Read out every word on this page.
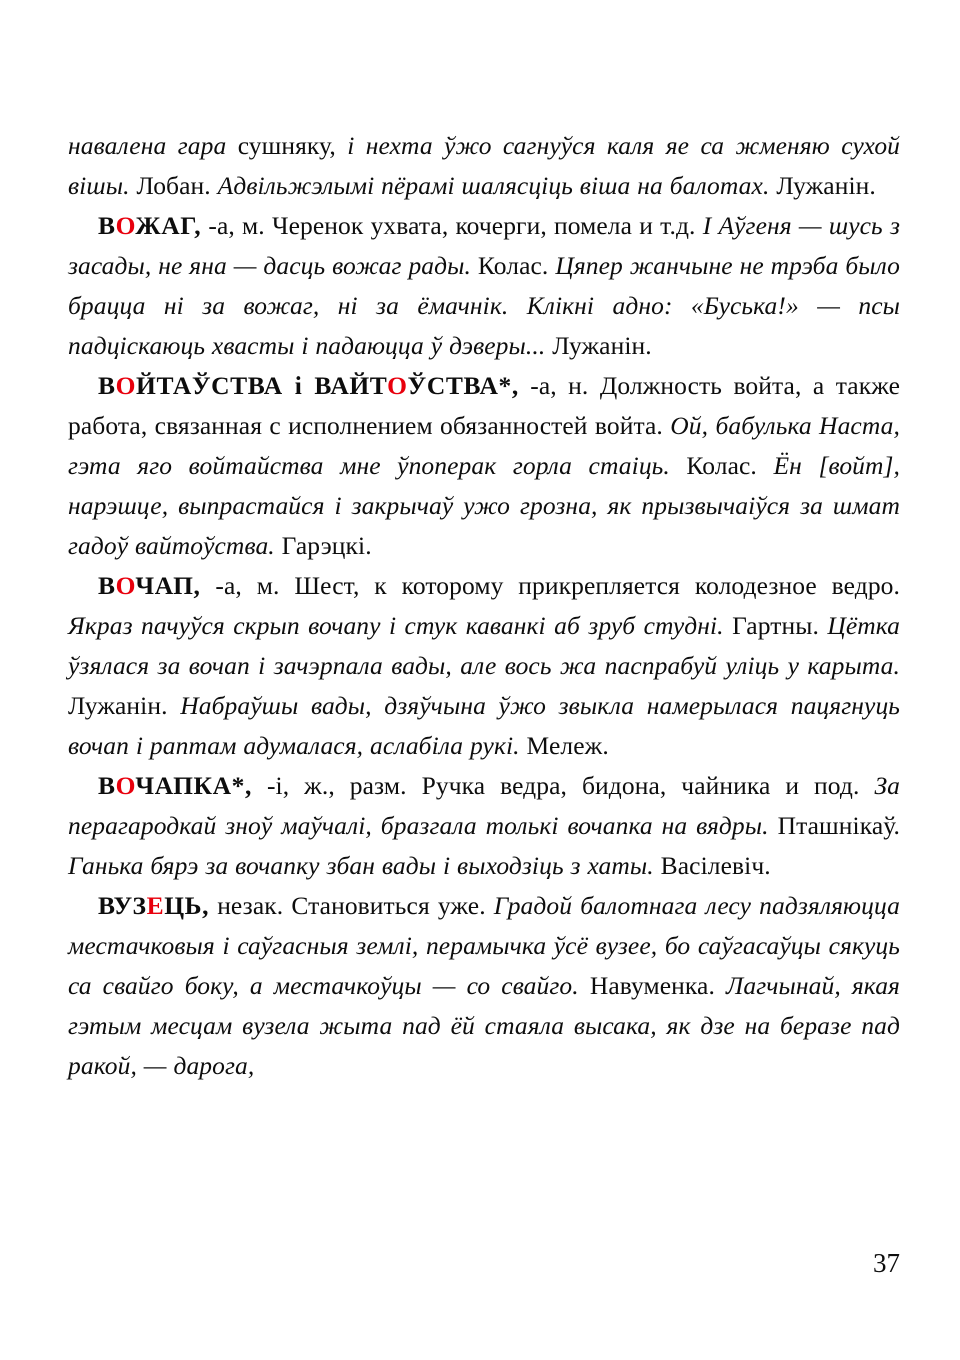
навалена гара сушняку, і нехта ўжо сагнуўся каля яе са жменяю сухой вішы. Лобан. Адвільжэлымі пёрамі шалясціць віша на балотах. Лужанін.

ВОЖАГ, -а, м. Черенок ухвата, кочерги, помела и т.д. І Аўгеня — шусь з засады, не яна — дасць вожаг рады. Колас. Цяпер жанчыне не трэба было брацца ні за вожаг, ні за ёмачнік. Клікні адно: «Буська!» — псы падціскаюць хвасты і падаюцца ў дэверы... Лужанін.

ВОЙТАЎСТВА і ВАЙТОЎСТВА*, -а, н. Должность войта, а также работа, связанная с исполнением обязанностей войта. Ой, бабулька Наста, гэта яго войтайства мне ўпоперак горла стаіць. Колас. Ён [войт], нарэшце, выпрастайся і закрычаў ужо грозна, як прызвычаіўся за шмат гадоў вайтоўства. Гарэцкі.

ВОЧАП, -а, м. Шест, к которому прикрепляется колодезное ведро. Якраз пачуўся скрып вочапу і стук каванкі аб зруб студні. Гартны. Цётка ўзялася за вочап і зачэрпала вады, але вось жа паспрабуй уліць у карыта. Лужанін. Набраўшы вады, дзяўчына ўжо звыкла намерылася пацягнуць вочап і раптам адумалася, аслабіла рукі. Мележ.

ВОЧАПКА*, -і, ж., разм. Ручка ведра, бидона, чайника и под. За перагародкай зноў маўчалі, бразгала толькі вочапка на вядры. Пташнікаў. Ганька бярэ за вочапку збан вады і выходзіць з хаты. Васілевіч.

ВУЗЕЦЬ, незак. Становиться уже. Градой балотнага лесу падзяляюцца местачковыя і саўгасныя землі, перамычка ўсё вузее, бо саўгасаўцы сякуць са свайго боку, а местачкоўцы — со свайго. Навуменка. Лагчынай, якая гэтым месцам вузела жыта пад ёй стаяла высака, як дзе на беразе пад ракой, — дарога,

37
